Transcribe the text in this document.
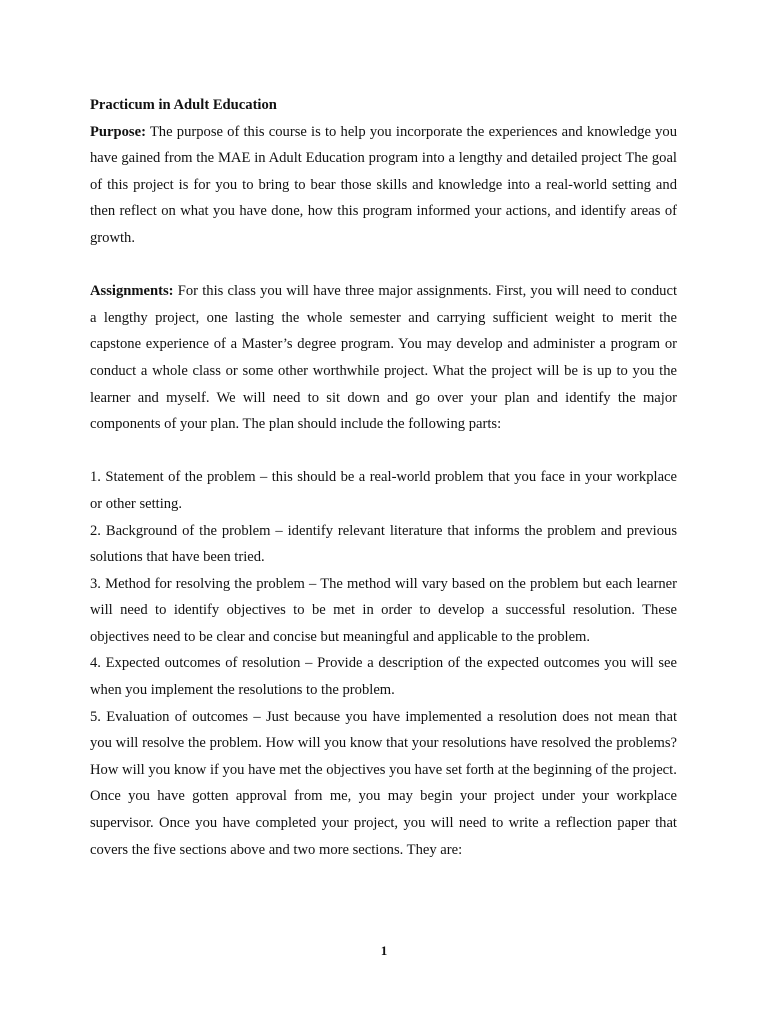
Practicum in Adult Education

Purpose: The purpose of this course is to help you incorporate the experiences and knowledge you have gained from the MAE in Adult Education program into a lengthy and detailed project The goal of this project is for you to bring to bear those skills and knowledge into a real-world setting and then reflect on what you have done, how this program informed your actions, and identify areas of growth.

Assignments: For this class you will have three major assignments. First, you will need to conduct a lengthy project, one lasting the whole semester and carrying sufficient weight to merit the capstone experience of a Master’s degree program. You may develop and administer a program or conduct a whole class or some other worthwhile project. What the project will be is up to you the learner and myself. We will need to sit down and go over your plan and identify the major components of your plan. The plan should include the following parts:

1. Statement of the problem – this should be a real-world problem that you face in your workplace or other setting.

2. Background of the problem – identify relevant literature that informs the problem and previous solutions that have been tried.

3. Method for resolving the problem – The method will vary based on the problem but each learner will need to identify objectives to be met in order to develop a successful resolution. These objectives need to be clear and concise but meaningful and applicable to the problem.

4. Expected outcomes of resolution – Provide a description of the expected outcomes you will see when you implement the resolutions to the problem.

5. Evaluation of outcomes – Just because you have implemented a resolution does not mean that you will resolve the problem. How will you know that your resolutions have resolved the problems? How will you know if you have met the objectives you have set forth at the beginning of the project.

Once you have gotten approval from me, you may begin your project under your workplace supervisor. Once you have completed your project, you will need to write a reflection paper that covers the five sections above and two more sections. They are:

1
